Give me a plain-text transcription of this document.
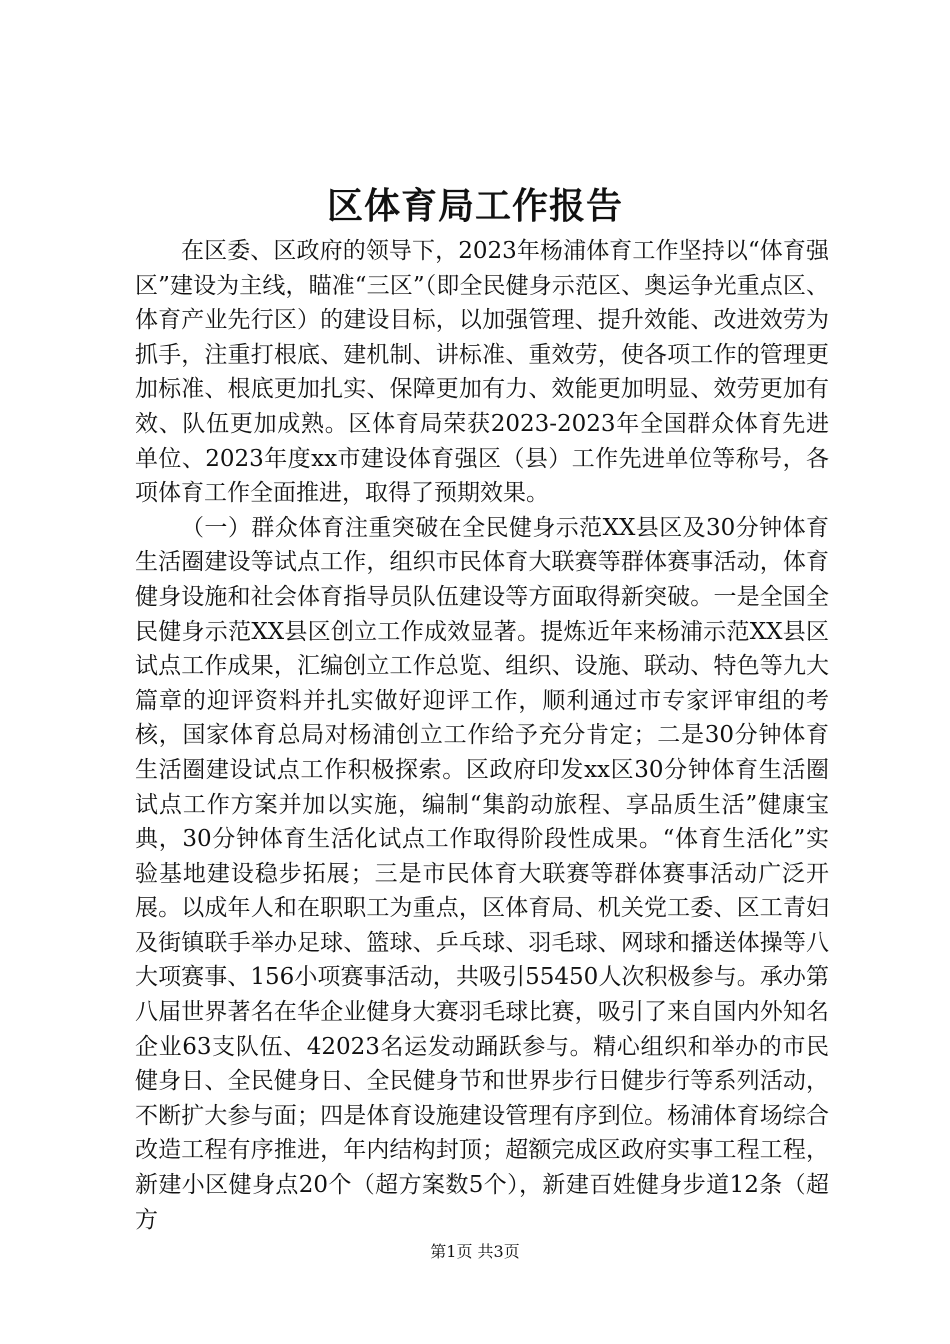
区体育局工作报告

在区委、区政府的领导下，2023年杨浦体育工作坚持以“体育强区”建设为主线，瞄准“三区”（即全民健身示范区、奥运争光重点区、体育产业先行区）的建设目标，以加强管理、提升效能、改进效劳为抓手，注重打根底、建机制、讲标准、重效劳，使各项工作的管理更加标准、根底更加扎实、保障更加有力、效能更加明显、效劳更加有效、队伍更加成熟。区体育局荣获2023-2023年全国群众体育先进单位、2023年度xx市建设体育强区（县）工作先进单位等称号，各项体育工作全面推进，取得了预期效果。

（一）群众体育注重突破在全民健身示范XX县区及30分钟体育生活圈建设等试点工作，组织市民体育大联赛等群体赛事活动，体育健身设施和社会体育指导员队伍建设等方面取得新突破。一是全国全民健身示范XX县区创立工作成效显著。提炼近年来杨浦示范XX县区试点工作成果，汇编创立工作总览、组织、设施、联动、特色等九大篇章的迎评资料并扎实做好迎评工作，顺利通过市专家评审组的考核，国家体育总局对杨浦创立工作给予充分肯定；二是30分钟体育生活圈建设试点工作积极探索。区政府印发xx区30分钟体育生活圈试点工作方案并加以实施，编制“集韵动旅程、享品质生活”健康宝典，30分钟体育生活化试点工作取得阶段性成果。“体育生活化”实验基地建设稳步拓展；三是市民体育大联赛等群体赛事活动广泛开展。以成年人和在职职工为重点，区体育局、机关党工委、区工青妇及街镇联手举办足球、篮球、乒乓球、羽毛球、网球和播送体操等八大项赛事、156小项赛事活动，共吸引55450人次积极参与。承办第八届世界著名在华企业健身大赛羽毛球比赛，吸引了来自国内外知名企业63支队伍、42023名运发动踊跃参与。精心组织和举办的市民健身日、全民健身日、全民健身节和世界步行日健步行等系列活动，不断扩大参与面；四是体育设施建设管理有序到位。杨浦体育场综合改造工程有序推进，年内结构封顶；超额完成区政府实事工程工程，新建小区健身点20个（超方案数5个），新建百姓健身步道12条（超方

第1页 共3页
